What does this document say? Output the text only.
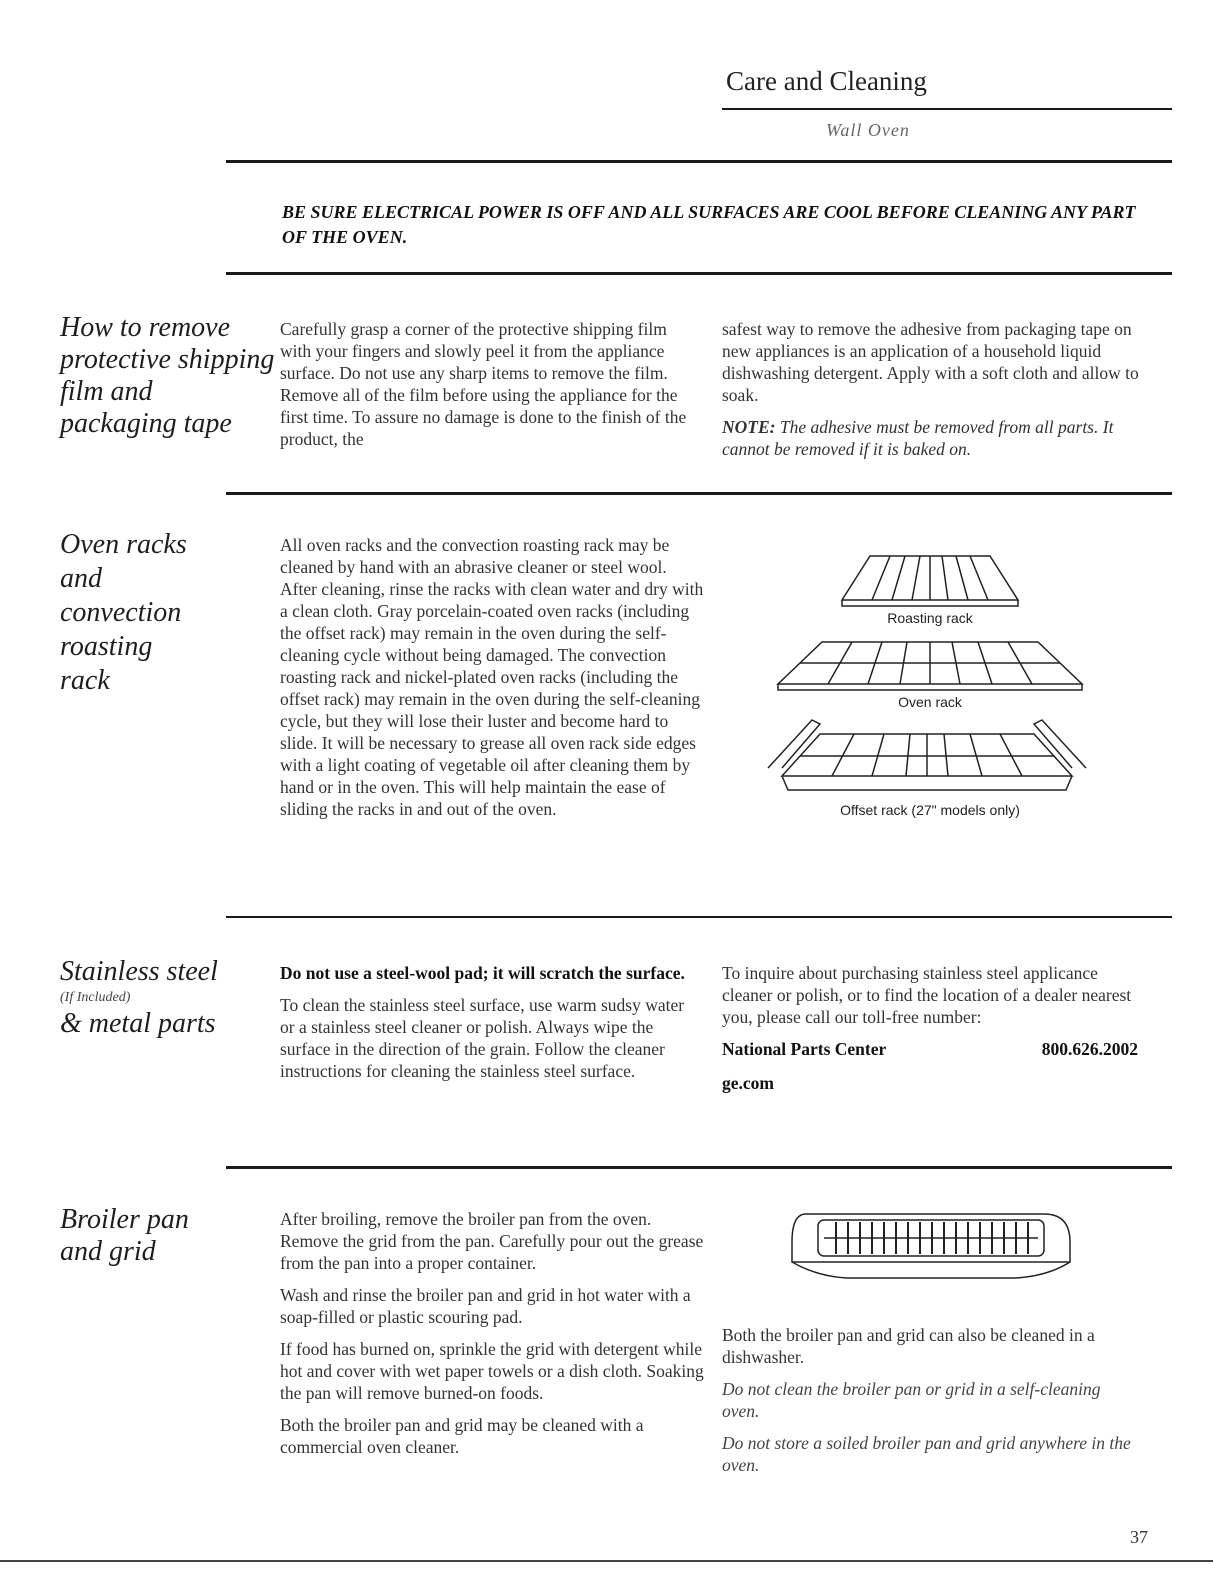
Care and Cleaning
Wall Oven
BE SURE ELECTRICAL POWER IS OFF AND ALL SURFACES ARE COOL BEFORE CLEANING ANY PART OF THE OVEN.
How to remove
protective shipping
film and
packaging tape
Carefully grasp a corner of the protective shipping film with your fingers and slowly peel it from the appliance surface. Do not use any sharp items to remove the film. Remove all of the film before using the appliance for the first time. To assure no damage is done to the finish of the product, the

safest way to remove the adhesive from packaging tape on new appliances is an application of a household liquid dishwashing detergent. Apply with a soft cloth and allow to soak.

NOTE: The adhesive must be removed from all parts. It cannot be removed if it is baked on.

Oven racks
and
convection
roasting
rack
All oven racks and the convection roasting rack may be cleaned by hand with an abrasive cleaner or steel wool. After cleaning, rinse the racks with clean water and dry with a clean cloth. Gray porcelain-coated oven racks (including the offset rack) may remain in the oven during the self-cleaning cycle without being damaged. The convection roasting rack and nickel-plated oven racks (including the offset rack) may remain in the oven during the self-cleaning cycle, but they will lose their luster and become hard to slide. It will be necessary to grease all oven rack side edges with a light coating of vegetable oil after cleaning them by hand or in the oven. This will help maintain the ease of sliding the racks in and out of the oven.
Roasting rack
Oven rack
Offset rack (27" models only)
Stainless steel
(If Included)
& metal parts

Do not use a steel-wool pad; it will scratch the surface.

To clean the stainless steel surface, use warm sudsy water or a stainless steel cleaner or polish. Always wipe the surface in the direction of the grain. Follow the cleaner instructions for cleaning the stainless steel surface.

To inquire about purchasing stainless steel applicance cleaner or polish, or to find the location of a dealer nearest you, please call our toll-free number:

National Parts Center	800.626.2002

ge.com

Broiler pan
and grid

After broiling, remove the broiler pan from the oven. Remove the grid from the pan. Carefully pour out the grease from the pan into a proper container.

Wash and rinse the broiler pan and grid in hot water with a soap-filled or plastic scouring pad.

If food has burned on, sprinkle the grid with detergent while hot and cover with wet paper towels or a dish cloth. Soaking the pan will remove burned-on foods.

Both the broiler pan and grid may be cleaned with a commercial oven cleaner.

Both the broiler pan and grid can also be cleaned in a dishwasher.

Do not clean the broiler pan or grid in a self-cleaning oven.

Do not store a soiled broiler pan and grid anywhere in the oven.

37
